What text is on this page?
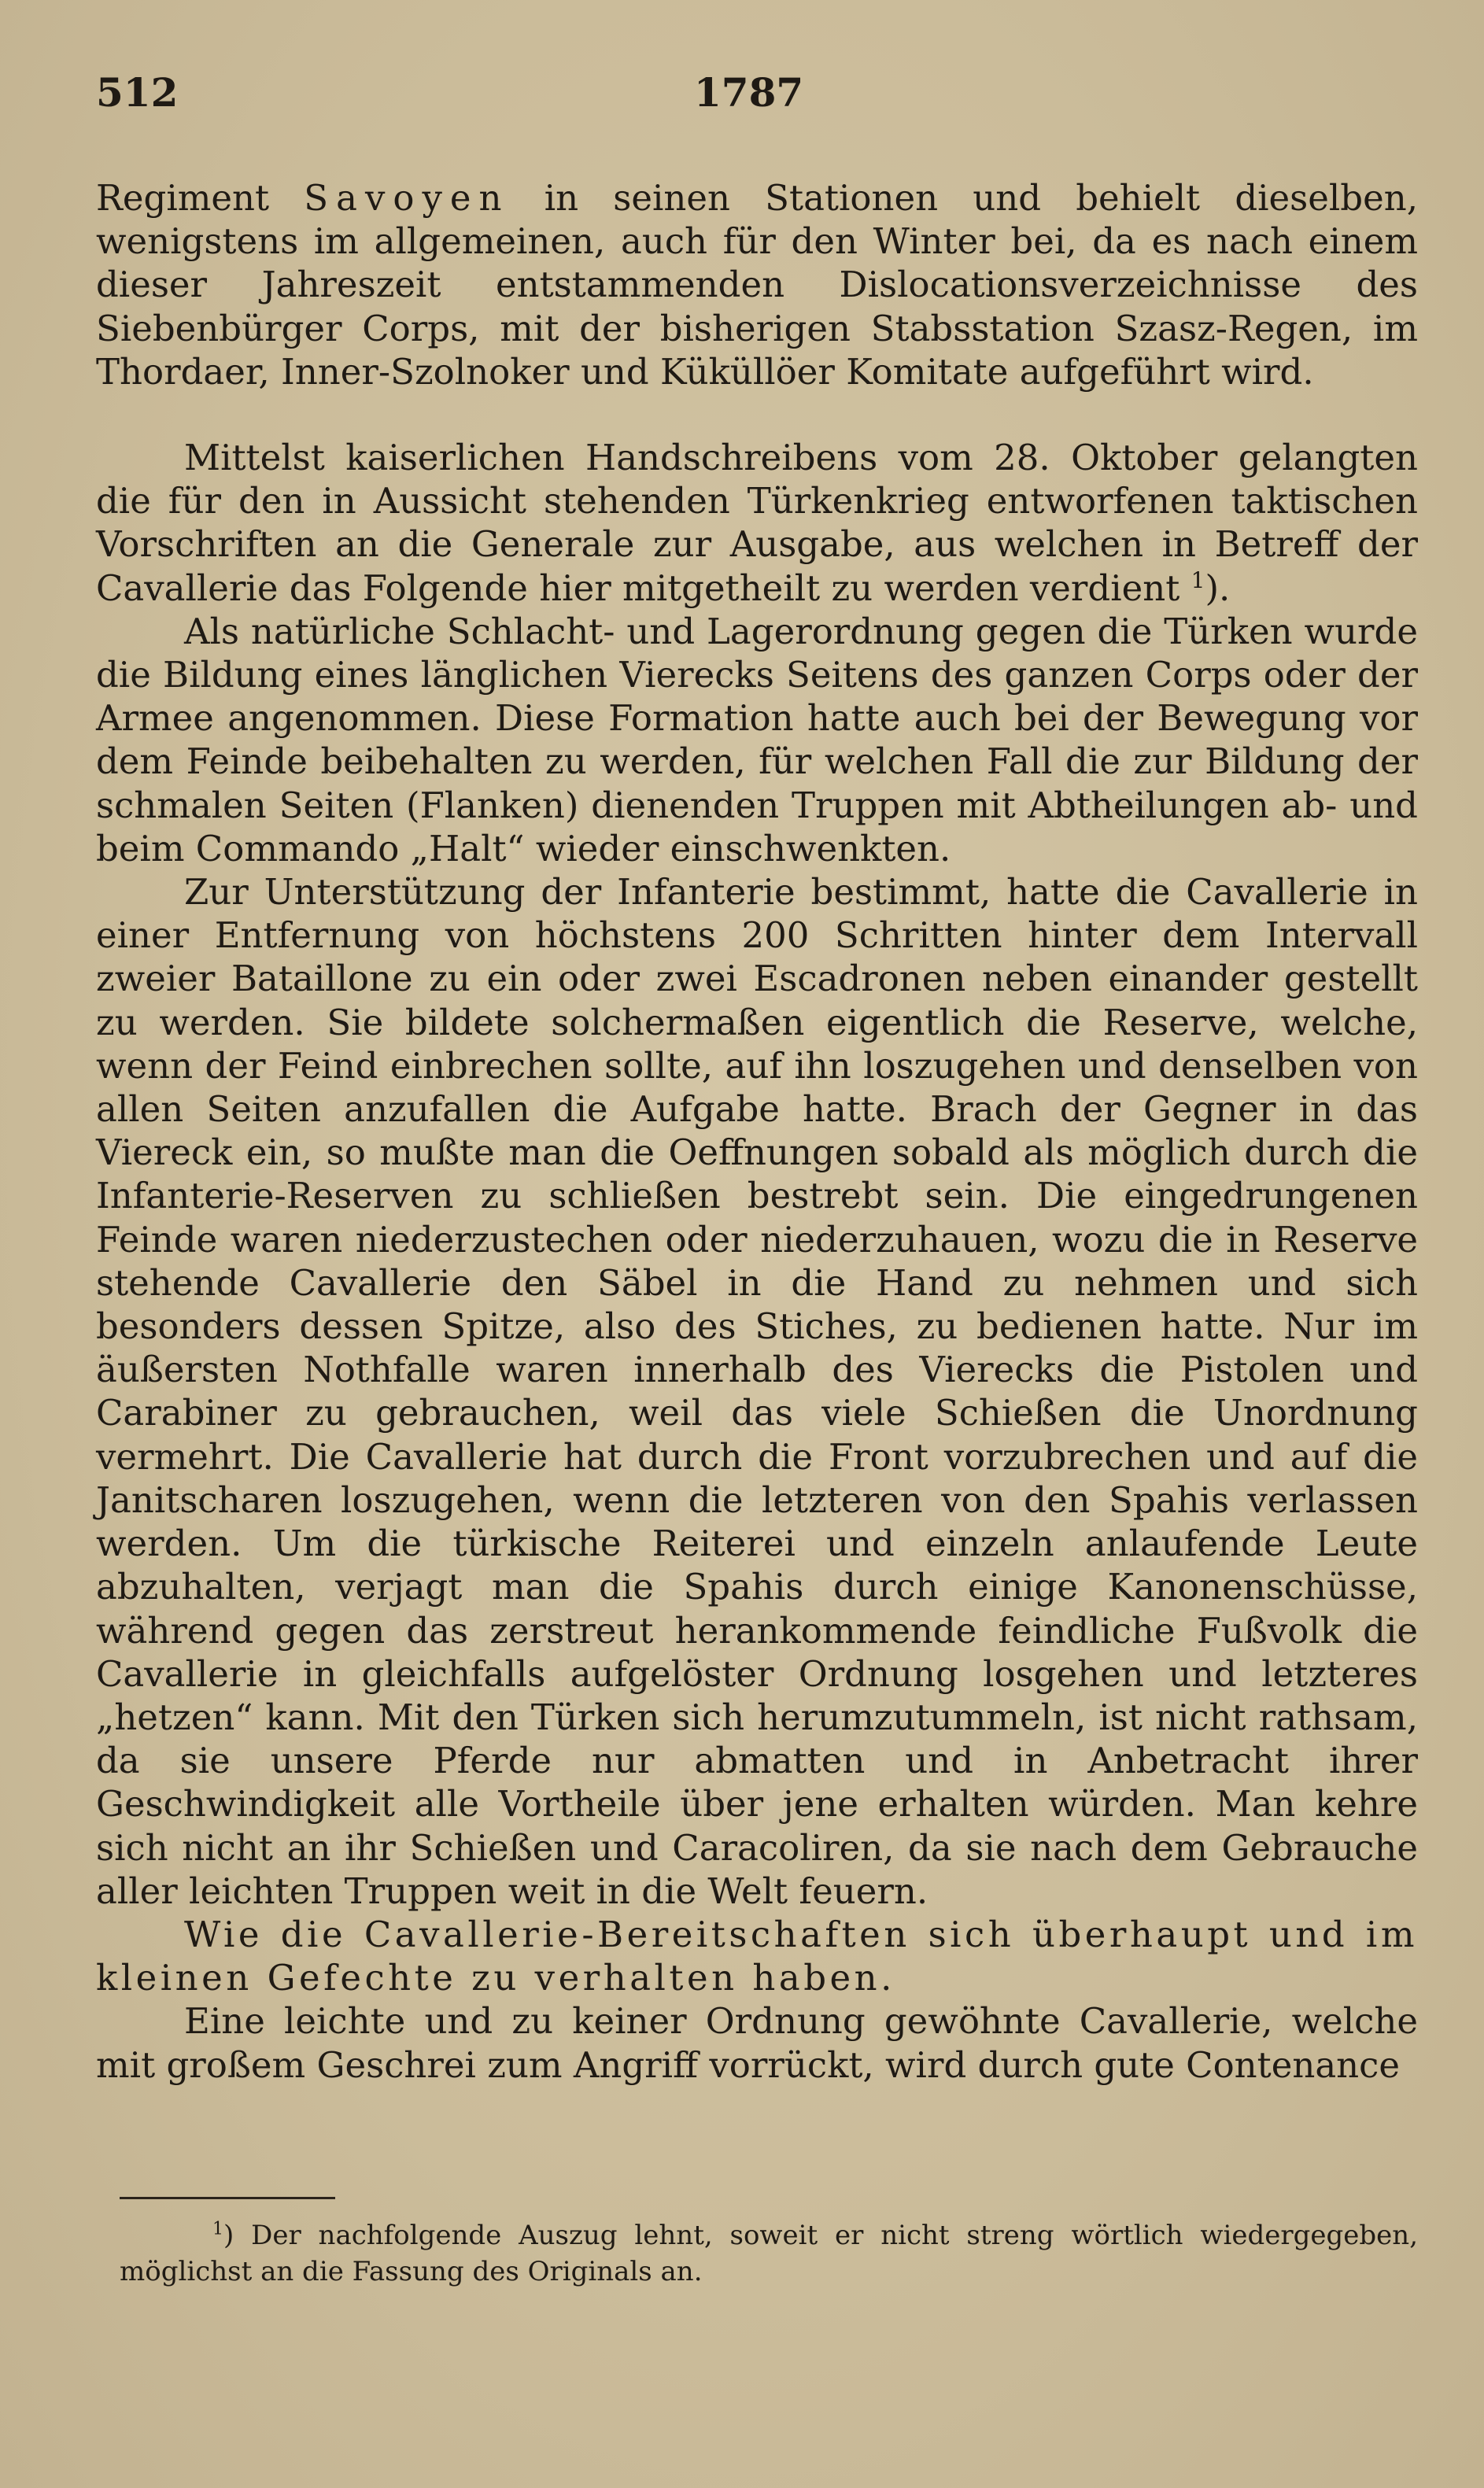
512	1787

Regiment Savoyen in seinen Stationen und behielt dieselben, wenigstens im allgemeinen, auch für den Winter bei, da es nach einem dieser Jahreszeit entstammenden Dislocationsverzeichnisse des Siebenbürger Corps, mit der bisherigen Stabsstation Szasz-Regen, im Thordaer, Inner-Szolnoker und Küküllöer Komitate aufgeführt wird.

Mittelst kaiserlichen Handschreibens vom 28. Oktober gelangten die für den in Aussicht stehenden Türkenkrieg entworfenen taktischen Vorschriften an die Generale zur Ausgabe, aus welchen in Betreff der Cavallerie das Folgende hier mitgetheilt zu werden verdient $^1$).

Als natürliche Schlacht- und Lagerordnung gegen die Türken wurde die Bildung eines länglichen Vierecks Seitens des ganzen Corps oder der Armee angenommen. Diese Formation hatte auch bei der Bewegung vor dem Feinde beibehalten zu werden, für welchen Fall die zur Bildung der schmalen Seiten (Flanken) dienenden Truppen mit Abtheilungen ab- und beim Commando „Halt“ wieder einschwenkten.

Zur Unterstützung der Infanterie bestimmt, hatte die Cavallerie in einer Entfernung von höchstens 200 Schritten hinter dem Intervall zweier Bataillone zu ein oder zwei Escadronen neben einander gestellt zu werden. Sie bildete solchermaßen eigentlich die Reserve, welche, wenn der Feind einbrechen sollte, auf ihn loszugehen und denselben von allen Seiten anzufallen die Aufgabe hatte. Brach der Gegner in das Viereck ein, so mußte man die Oeffnungen sobald als möglich durch die Infanterie-Reserven zu schließen bestrebt sein. Die eingedrungenen Feinde waren niederzustechen oder niederzuhauen, wozu die in Reserve stehende Cavallerie den Säbel in die Hand zu nehmen und sich besonders dessen Spitze, also des Stiches, zu bedienen hatte. Nur im äußersten Nothfalle waren innerhalb des Vierecks die Pistolen und Carabiner zu gebrauchen, weil das viele Schießen die Unordnung vermehrt. Die Cavallerie hat durch die Front vorzubrechen und auf die Janitscharen loszugehen, wenn die letzteren von den Spahis verlassen werden. Um die türkische Reiterei und einzeln anlaufende Leute abzuhalten, verjagt man die Spahis durch einige Kanonenschüsse, während gegen das zerstreut herankommende feindliche Fußvolk die Cavallerie in gleichfalls aufgelöster Ordnung losgehen und letzteres „hetzen“ kann. Mit den Türken sich herumzutummeln, ist nicht rathsam, da sie unsere Pferde nur abmatten und in Anbetracht ihrer Geschwindigkeit alle Vortheile über jene erhalten würden. Man kehre sich nicht an ihr Schießen und Caracoliren, da sie nach dem Gebrauche aller leichten Truppen weit in die Welt feuern.

Wie die Cavallerie-Bereitschaften sich überhaupt und im kleinen Gefechte zu verhalten haben.

Eine leichte und zu keiner Ordnung gewöhnte Cavallerie, welche mit großem Geschrei zum Angriff vorrückt, wird durch gute Contenance

$^1$) Der nachfolgende Auszug lehnt, soweit er nicht streng wörtlich wiedergegeben, möglichst an die Fassung des Originals an.
